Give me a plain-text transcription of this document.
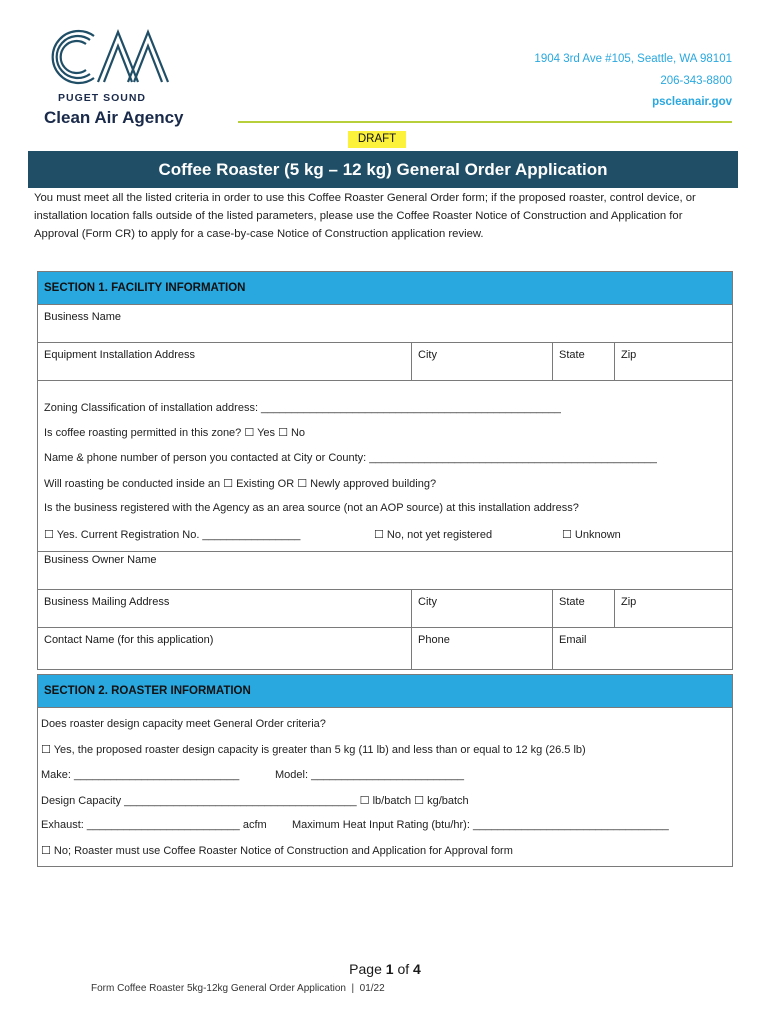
PUGET SOUND
Clean Air Agency
1904 3rd Ave #105, Seattle, WA 98101
206-343-8800
pscleanair.gov
DRAFT
Coffee Roaster (5 kg – 12 kg) General Order Application
You must meet all the listed criteria in order to use this Coffee Roaster General Order form; if the proposed roaster, control device, or installation location falls outside of the listed parameters, please use the Coffee Roaster Notice of Construction and Application for Approval (Form CR) to apply for a case-by-case Notice of Construction application review.
SECTION 1. FACILITY INFORMATION
Business Name
Equipment Installation Address	City	State	Zip
Zoning Classification of installation address: _________________________________________________
Is coffee roasting permitted in this zone? ☐ Yes ☐ No
Name & phone number of person you contacted at City or County: _______________________________________________
Will roasting be conducted inside an ☐ Existing OR ☐ Newly approved building?
Is the business registered with the Agency as an area source (not an AOP source) at this installation address?
☐ Yes. Current Registration No. ________________	☐ No, not yet registered	☐ Unknown
Business Owner Name
Business Mailing Address	City	State	Zip
Contact Name (for this application)	Phone	Email
SECTION 2. ROASTER INFORMATION
Does roaster design capacity meet General Order criteria?
☐ Yes, the proposed roaster design capacity is greater than 5 kg (11 lb) and less than or equal to 12 kg (26.5 lb)
Make: ___________________________	Model: _________________________
Design Capacity ______________________________________ ☐ lb/batch ☐ kg/batch
Exhaust: _________________________ acfm Maximum Heat Input Rating (btu/hr): ________________________________
☐ No; Roaster must use Coffee Roaster Notice of Construction and Application for Approval form
Page 1 of 4
Form Coffee Roaster 5kg-12kg General Order Application  |  01/22
